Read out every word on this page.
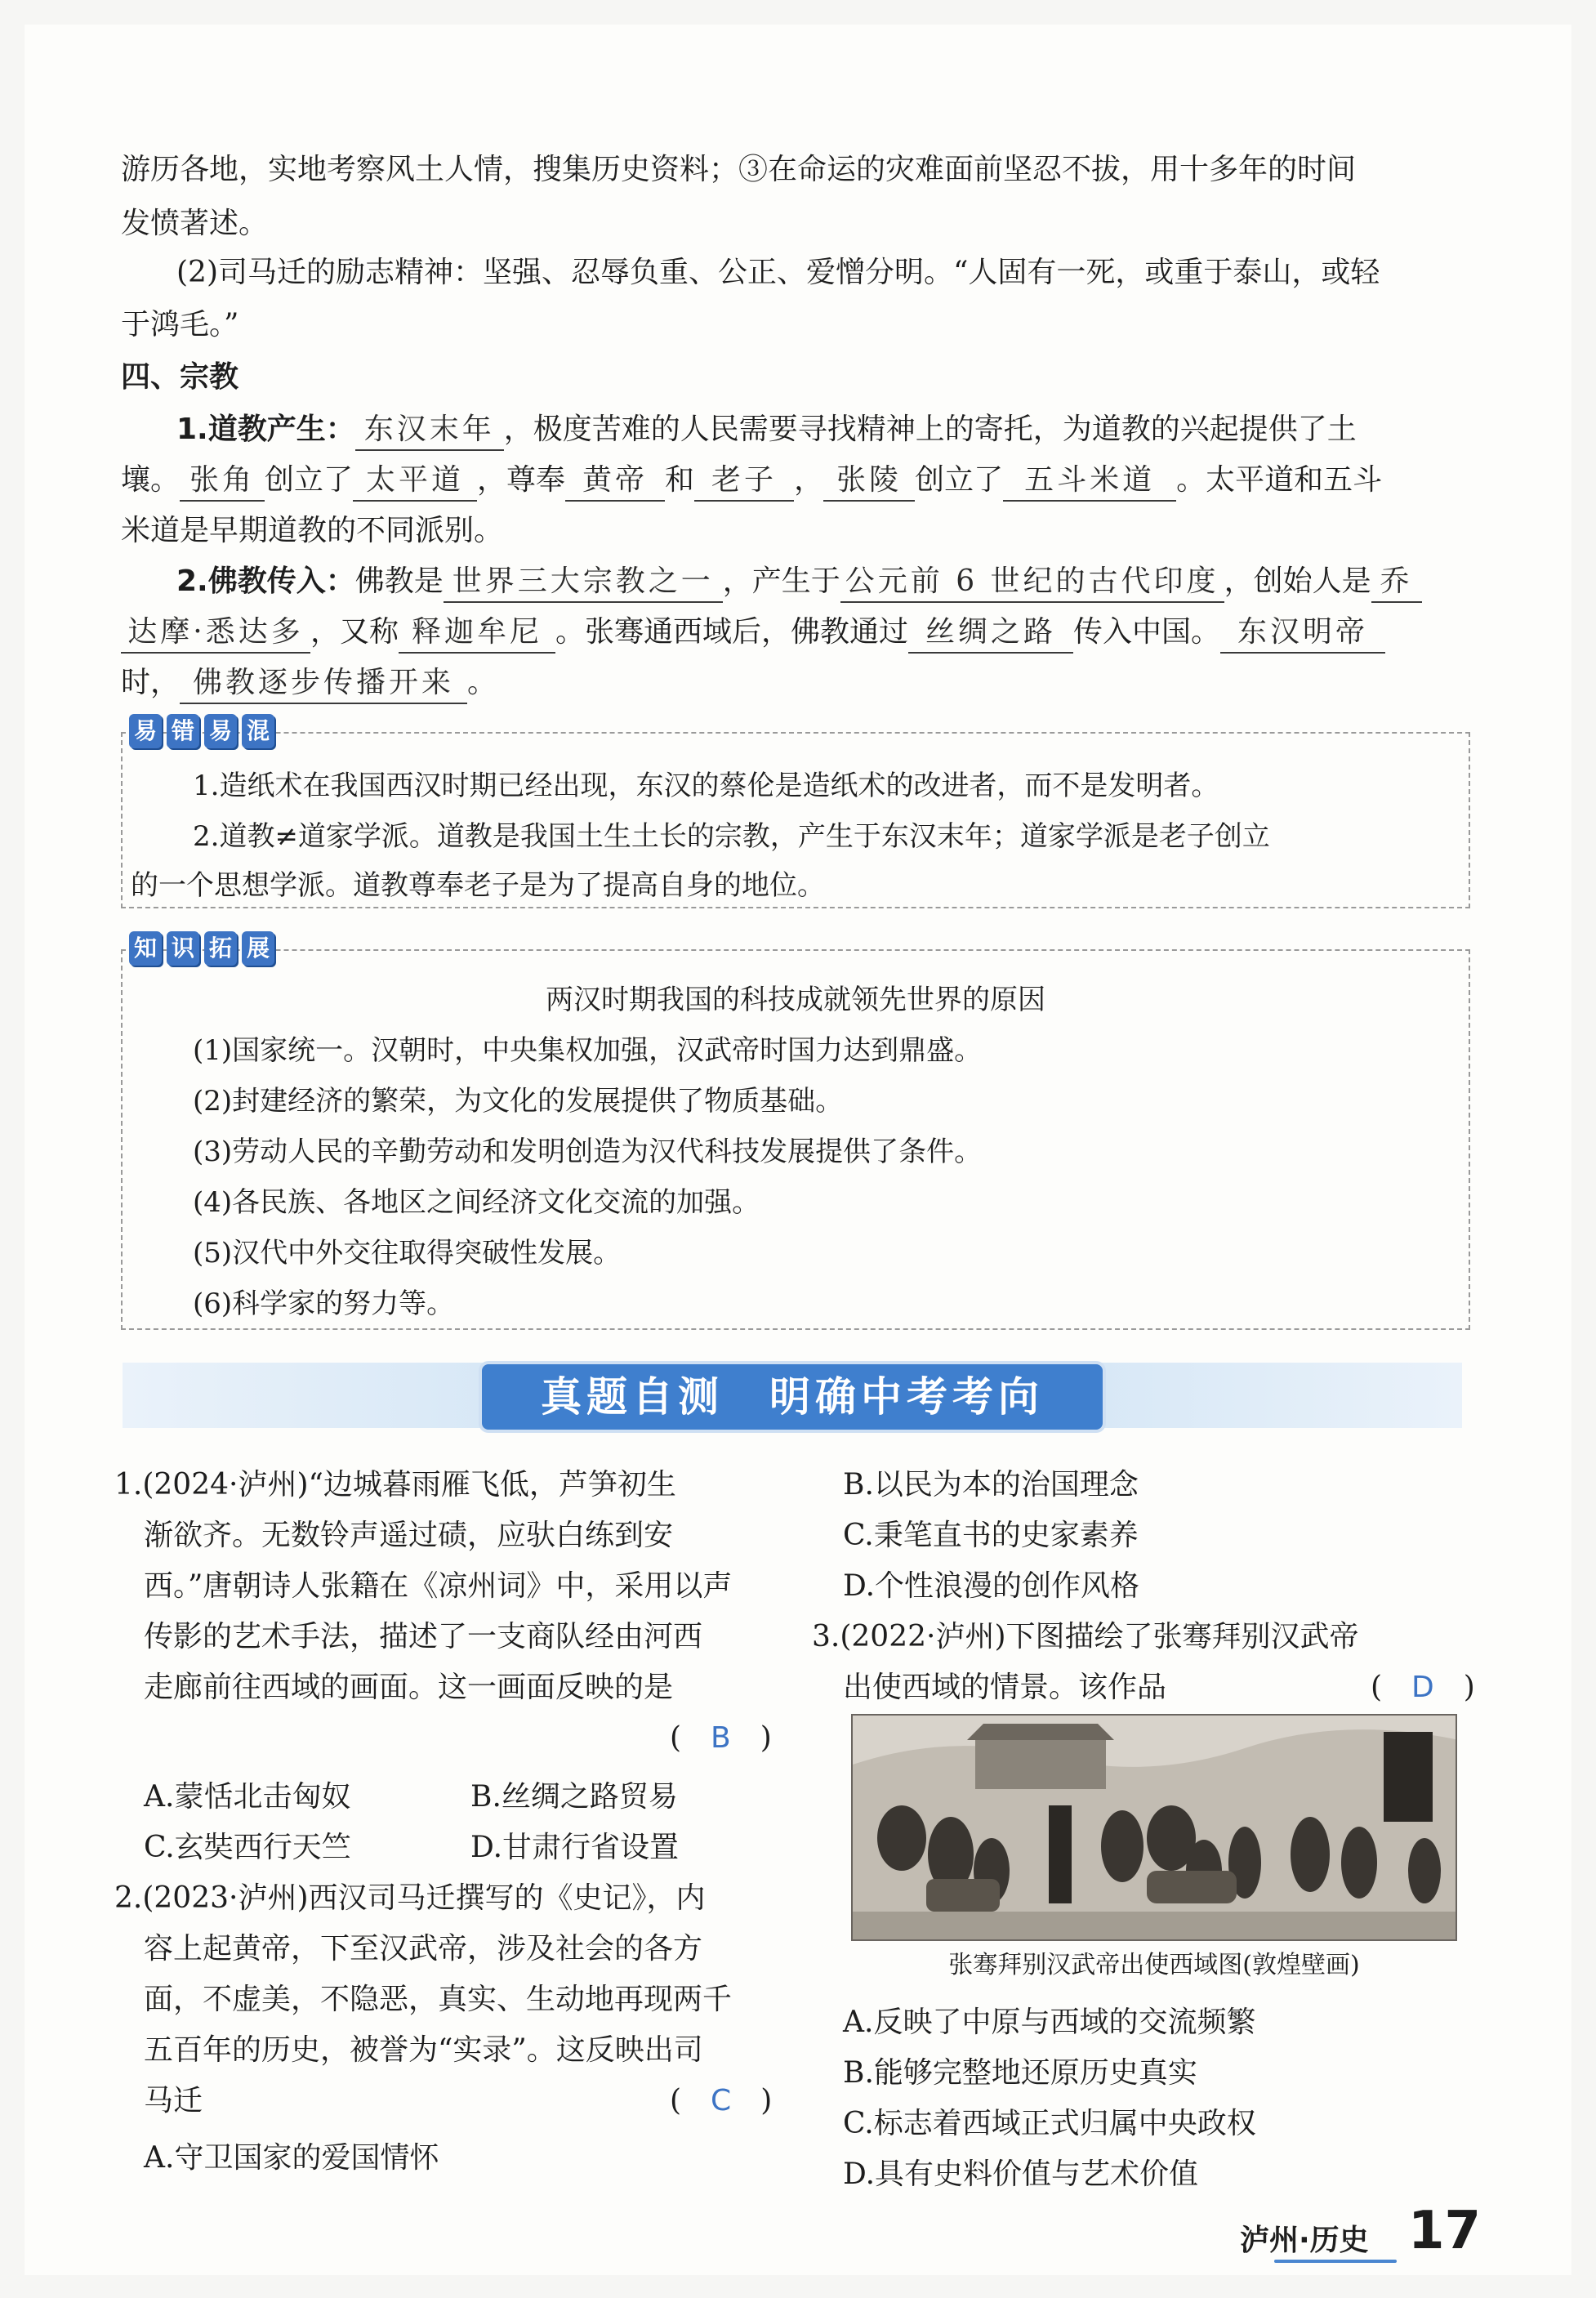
游历各地，实地考察风土人情，搜集历史资料；③在命运的灾难面前坚忍不拔，用十多年的时间
发愤著述。
(2)司马迁的励志精神：坚强、忍辱负重、公正、爱憎分明。“人固有一死，或重于泰山，或轻
于鸿毛。”
四、宗教
1.道教产生： 东汉末年 ，极度苦难的人民需要寻找精神上的寄托，为道教的兴起提供了土
壤。 张角 创立了 太平道 ，尊奉 黄帝 和 老子 ， 张陵 创立了 五斗米道 。太平道和五斗
米道是早期道教的不同派别。
2.佛教传入：佛教是 世界三大宗教之一 ，产生于 公元前 6 世纪的古代印度 ，创始人是 乔
达摩·悉达多 ，又称 释迦牟尼 。张骞通西域后，佛教通过 丝绸之路 传入中国。 东汉明帝
时， 佛教逐步传播开来 。
易 错 易 混
1.造纸术在我国西汉时期已经出现，东汉的蔡伦是造纸术的改进者，而不是发明者。
2.道教≠道家学派。道教是我国土生土长的宗教，产生于东汉末年；道家学派是老子创立
的一个思想学派。道教尊奉老子是为了提高自身的地位。
知 识 拓 展
两汉时期我国的科技成就领先世界的原因
(1)国家统一。汉朝时，中央集权加强，汉武帝时国力达到鼎盛。
(2)封建经济的繁荣，为文化的发展提供了物质基础。
(3)劳动人民的辛勤劳动和发明创造为汉代科技发展提供了条件。
(4)各民族、各地区之间经济文化交流的加强。
(5)汉代中外交往取得突破性发展。
(6)科学家的努力等。
真题自测　明确中考考向
1.(2024·泸州)“边城暮雨雁飞低，芦笋初生
渐欲齐。无数铃声遥过碛，应驮白练到安
西。”唐朝诗人张籍在《凉州词》中，采用以声
传影的艺术手法，描述了一支商队经由河西
走廊前往西域的画面。这一画面反映的是
(　B　)
A.蒙恬北击匈奴	B.丝绸之路贸易
C.玄奘西行天竺	D.甘肃行省设置
2.(2023·泸州)西汉司马迁撰写的《史记》，内
容上起黄帝，下至汉武帝，涉及社会的各方
面，不虚美，不隐恶，真实、生动地再现两千
五百年的历史，被誉为“实录”。这反映出司
马迁	(　C　)
A.守卫国家的爱国情怀
B.以民为本的治国理念
C.秉笔直书的史家素养
D.个性浪漫的创作风格
3.(2022·泸州)下图描绘了张骞拜别汉武帝
出使西域的情景。该作品	(　D　)
张骞拜别汉武帝出使西域图(敦煌壁画)
A.反映了中原与西域的交流频繁
B.能够完整地还原历史真实
C.标志着西域正式归属中央政权
D.具有史料价值与艺术价值
泸州·历史 17
